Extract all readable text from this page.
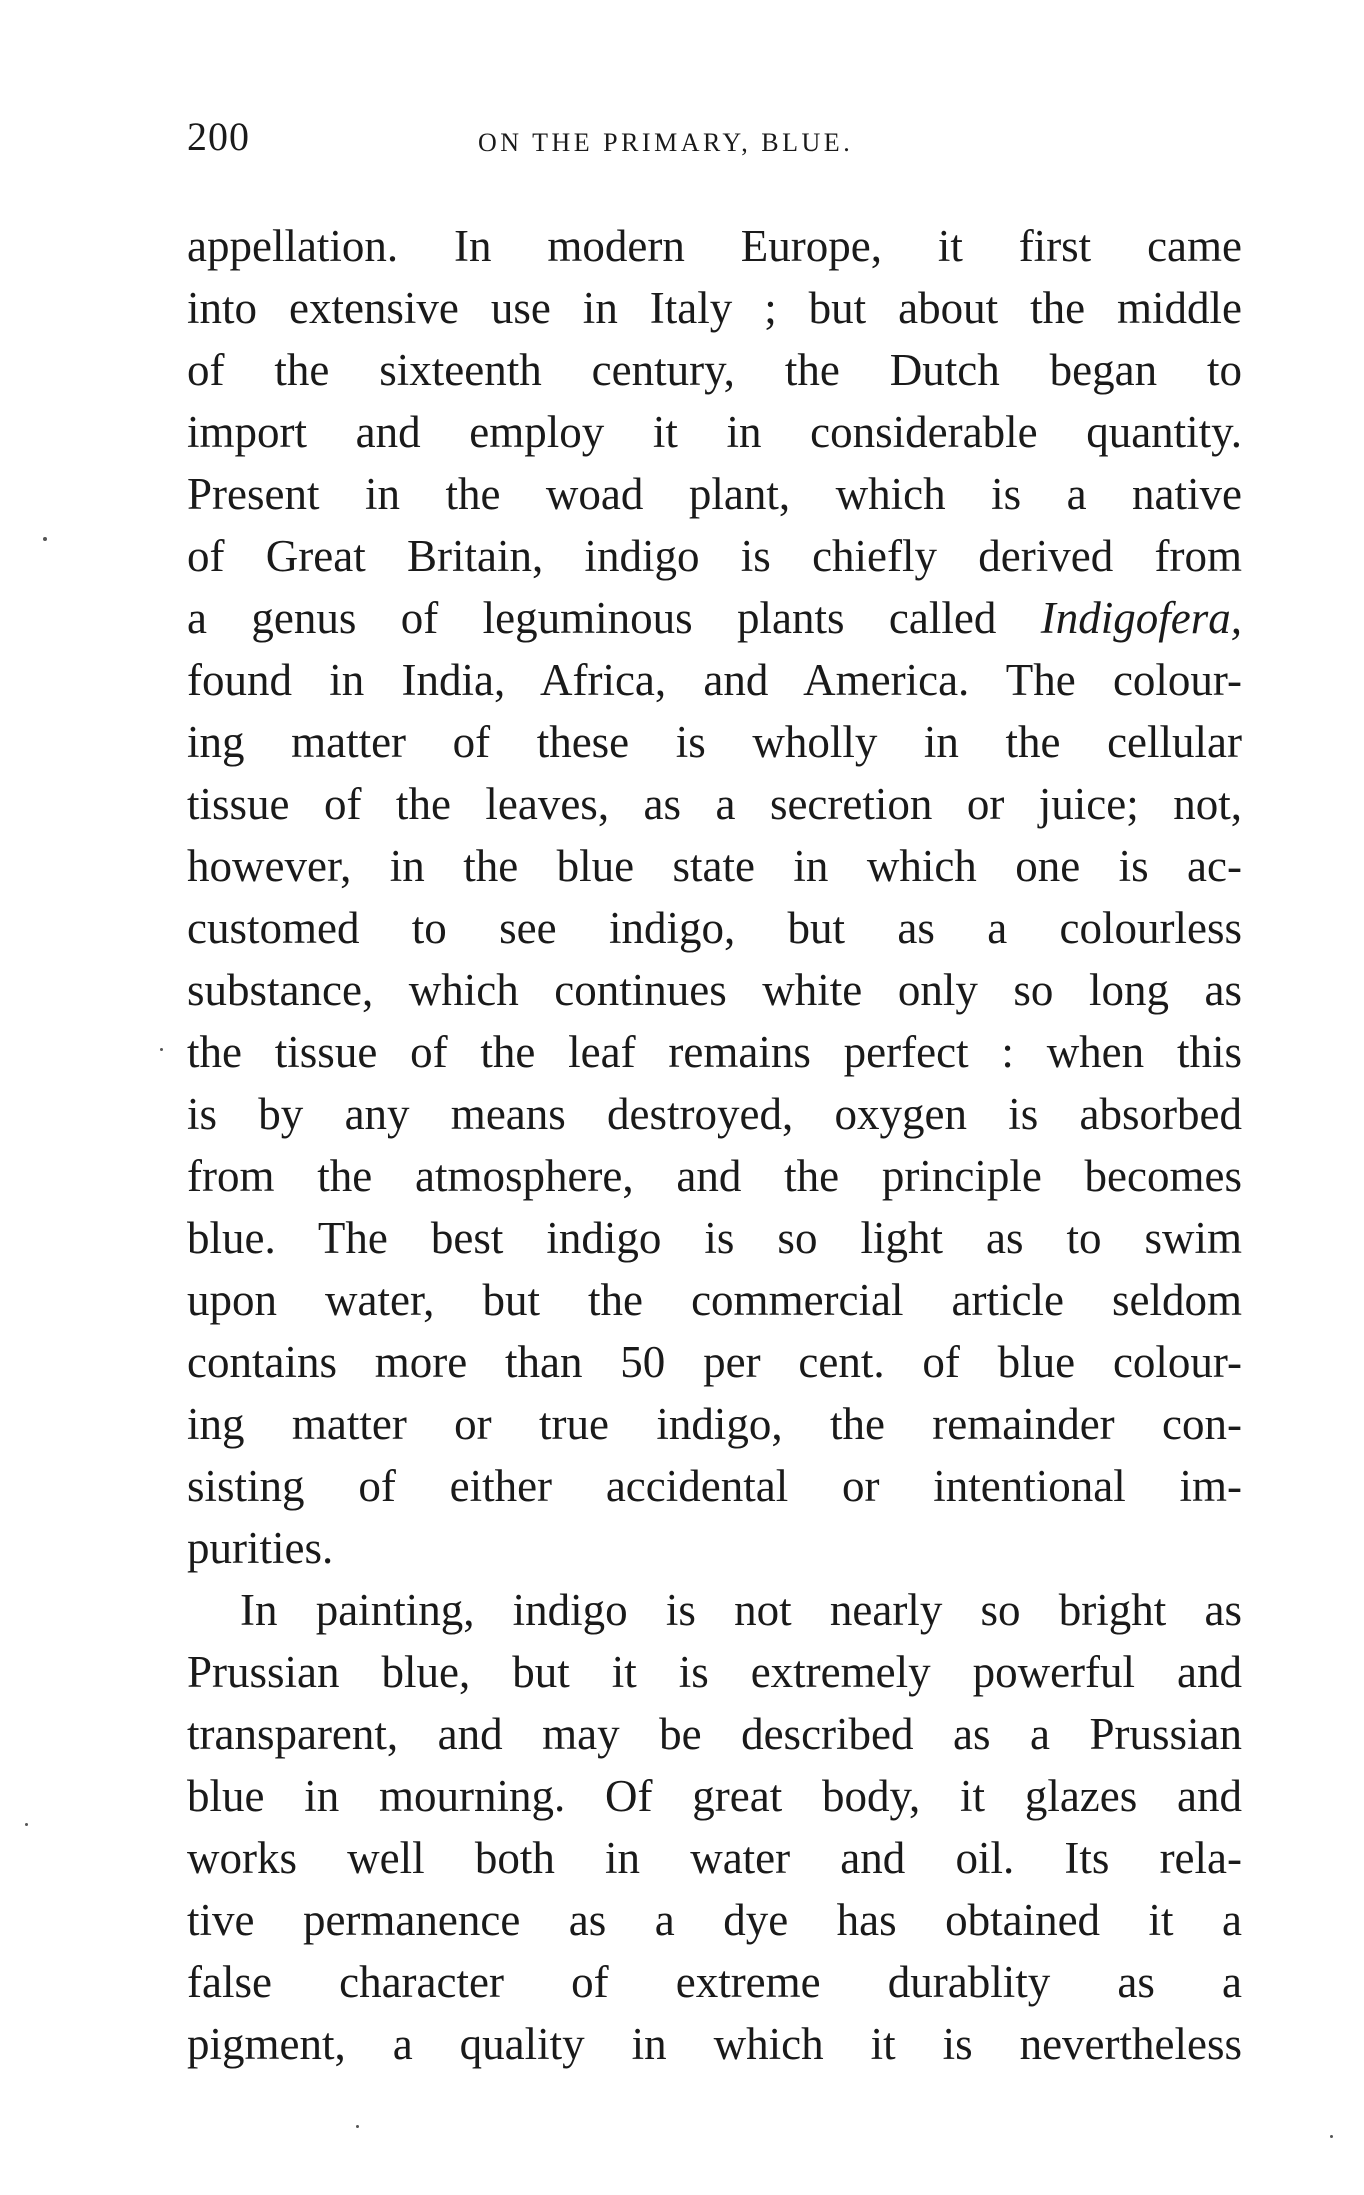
200	ON THE PRIMARY, BLUE.
appellation. In modern Europe, it first came
into extensive use in Italy ; but about the middle
of the sixteenth century, the Dutch began to
import and employ it in considerable quantity.
Present in the woad plant, which is a native
of Great Britain, indigo is chiefly derived from
a genus of leguminous plants called Indigofera,
found in India, Africa, and America. The colour-
ing matter of these is wholly in the cellular
tissue of the leaves, as a secretion or juice; not,
however, in the blue state in which one is ac-
customed to see indigo, but as a colourless
substance, which continues white only so long as
the tissue of the leaf remains perfect : when this
is by any means destroyed, oxygen is absorbed
from the atmosphere, and the principle becomes
blue. The best indigo is so light as to swim
upon water, but the commercial article seldom
contains more than 50 per cent. of blue colour-
ing matter or true indigo, the remainder con-
sisting of either accidental or intentional im-
purities.
In painting, indigo is not nearly so bright as
Prussian blue, but it is extremely powerful and
transparent, and may be described as a Prussian
blue in mourning. Of great body, it glazes and
works well both in water and oil. Its rela-
tive permanence as a dye has obtained it a
false character of extreme durablity as a
pigment, a quality in which it is nevertheless
